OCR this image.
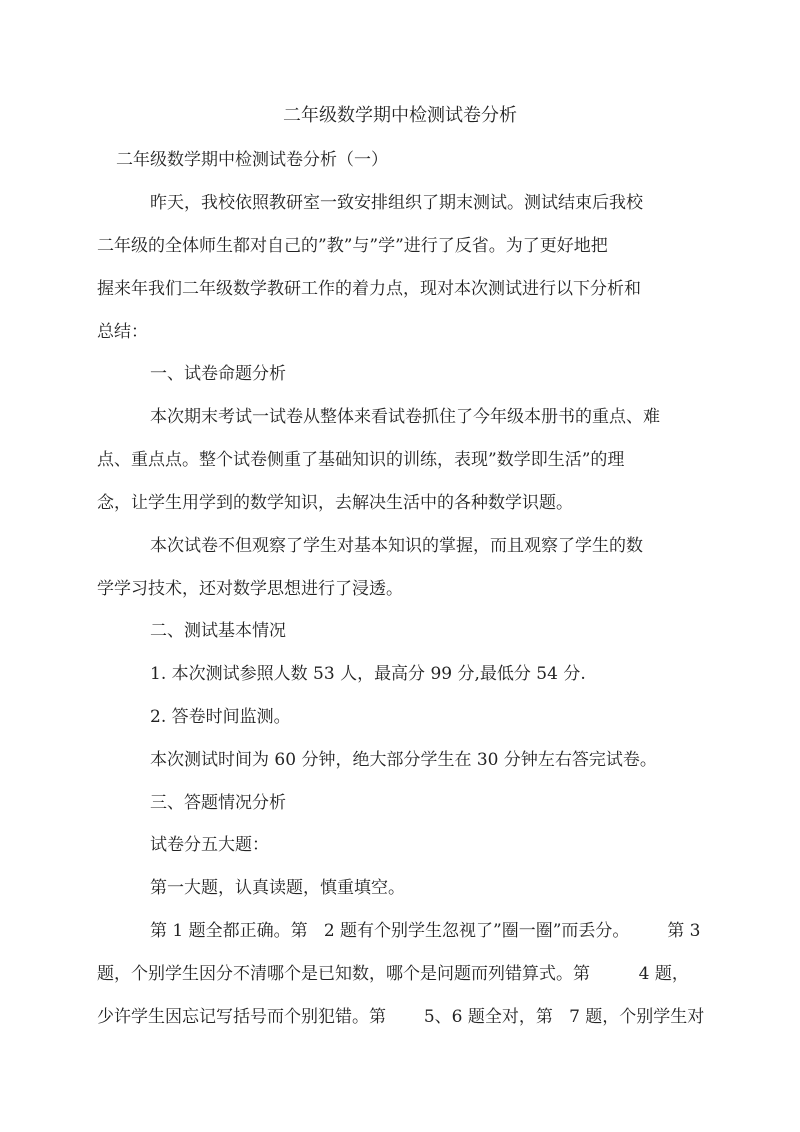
二年级数学期中检测试卷分析
二年级数学期中检测试卷分析（一）
昨天，我校依照教研室一致安排组织了期末测试。测试结束后我校
二年级的全体师生都对自己的”教”与”学”进行了反省。为了更好地把
握来年我们二年级数学教研工作的着力点，现对本次测试进行以下分析和
总结：
一、试卷命题分析
本次期末考试一试卷从整体来看试卷抓住了今年级本册书的重点、难
点、重点点。整个试卷侧重了基础知识的训练，表现”数学即生活”的理
念，让学生用学到的数学知识，去解决生活中的各种数学识题。
本次试卷不但观察了学生对基本知识的掌握，而且观察了学生的数
学学习技术，还对数学思想进行了浸透。
二、测试基本情况
1. 本次测试参照人数 53 人，最高分 99 分,最低分 54 分.
2. 答卷时间监测。
本次测试时间为 60 分钟，绝大部分学生在 30 分钟左右答完试卷。
三、答题情况分析
试卷分五大题：
第一大题，认真读题，慎重填空。
第 1 题全都正确。第   2 题有个别学生忽视了”圈一圈”而丢分。       第 3
题，个别学生因分不清哪个是已知数，哪个是问题而列错算式。第         4 题，
少许学生因忘记写括号而个别犯错。第       5、6 题全对，第   7 题，个别学生对
